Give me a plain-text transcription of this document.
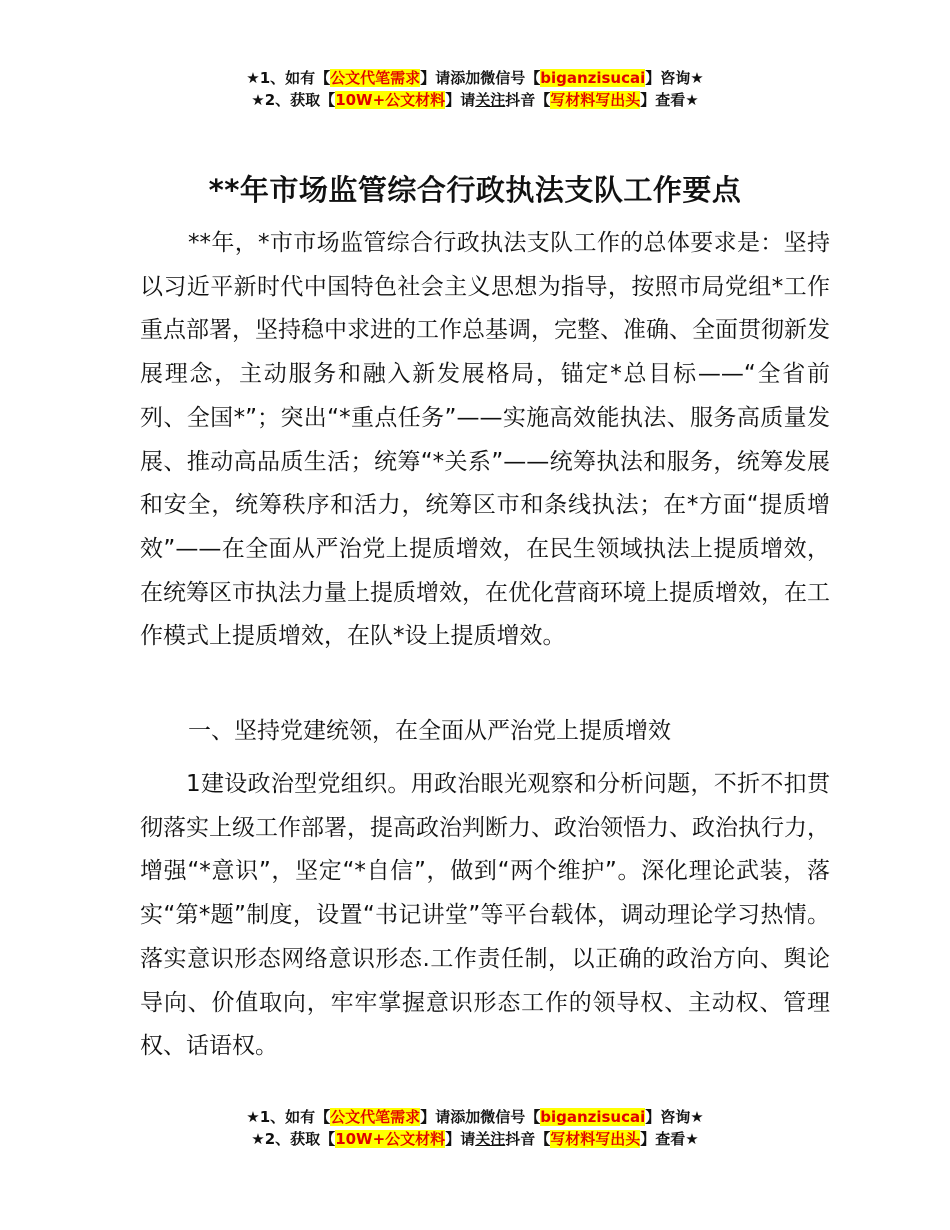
★1、如有【公文代笔需求】请添加微信号【biganzisucai】咨询★
★2、获取【10W+公文材料】请关注抖音【写材料写出头】查看★
**年市场监管综合行政执法支队工作要点

**年，*市市场监管综合行政执法支队工作的总体要求是：坚持以习近平新时代中国特色社会主义思想为指导，按照市局党组*工作重点部署，坚持稳中求进的工作总基调，完整、准确、全面贯彻新发展理念，主动服务和融入新发展格局，锚定*总目标——“全省前列、全国*”；突出“*重点任务”——实施高效能执法、服务高质量发展、推动高品质生活；统筹“*关系”——统筹执法和服务，统筹发展和安全，统筹秩序和活力，统筹区市和条线执法；在*方面“提质增效”——在全面从严治党上提质增效，在民生领域执法上提质增效，在统筹区市执法力量上提质增效，在优化营商环境上提质增效，在工作模式上提质增效，在队*设上提质增效。

一、坚持党建统领，在全面从严治党上提质增效

1建设政治型党组织。用政治眼光观察和分析问题，不折不扣贯彻落实上级工作部署，提高政治判断力、政治领悟力、政治执行力，增强“*意识”，坚定“*自信”，做到“两个维护”。深化理论武装，落实“第*题”制度，设置“书记讲堂”等平台载体，调动理论学习热情。落实意识形态网络意识形态.工作责任制，以正确的政治方向、舆论导向、价值取向，牢牢掌握意识形态工作的领导权、主动权、管理权、话语权。

★1、如有【公文代笔需求】请添加微信号【biganzisucai】咨询★
★2、获取【10W+公文材料】请关注抖音【写材料写出头】查看★
